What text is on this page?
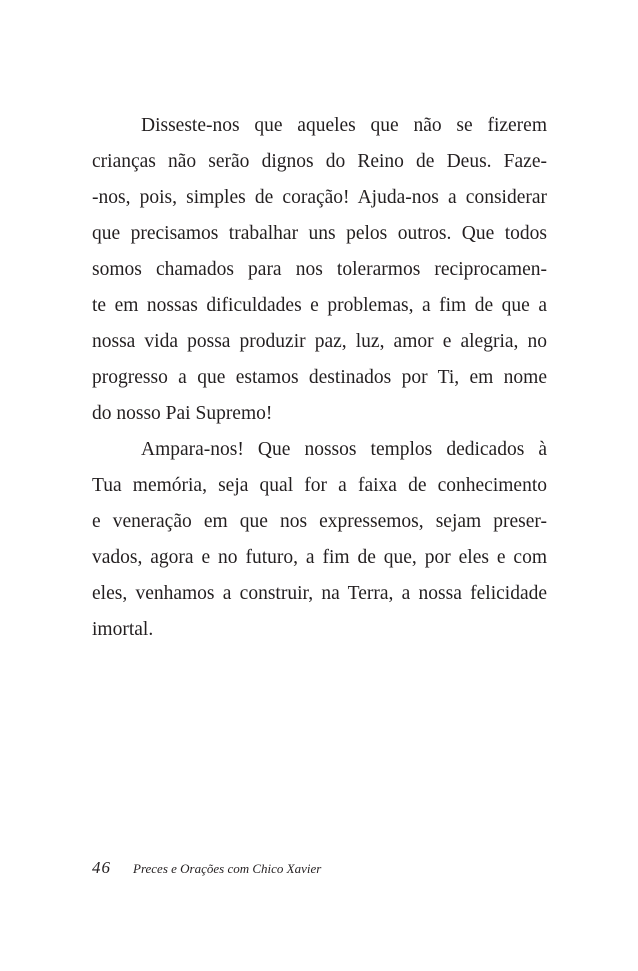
Disseste-nos que aqueles que não se fizerem
crianças não serão dignos do Reino de Deus. Faze-
-nos, pois, simples de coração! Ajuda-nos a considerar
que precisamos trabalhar uns pelos outros. Que todos
somos chamados para nos tolerarmos reciprocamen-
te em nossas dificuldades e problemas, a fim de que a
nossa vida possa produzir paz, luz, amor e alegria, no
progresso a que estamos destinados por Ti, em nome
do nosso Pai Supremo!
Ampara-nos! Que nossos templos dedicados à
Tua memória, seja qual for a faixa de conhecimento
e veneração em que nos expressemos, sejam preser-
vados, agora e no futuro, a fim de que, por eles e com
eles, venhamos a construir, na Terra, a nossa felicidade
imortal.
46 Preces e Orações com Chico Xavier
